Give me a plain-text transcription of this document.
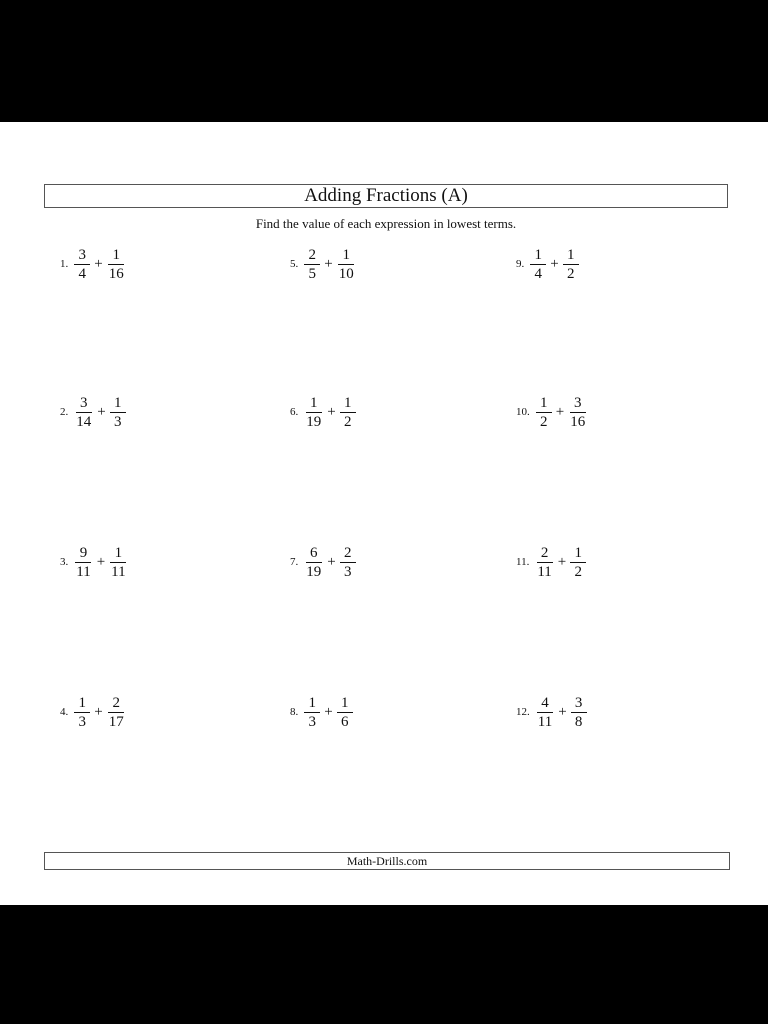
Adding Fractions (A)
Find the value of each expression in lowest terms.
1. $\frac{3}{4} + \frac{1}{16}$
2. $\frac{3}{14} + \frac{1}{3}$
3. $\frac{9}{11} + \frac{1}{11}$
4. $\frac{1}{3} + \frac{2}{17}$
5. $\frac{2}{5} + \frac{1}{10}$
6. $\frac{1}{19} + \frac{1}{2}$
7. $\frac{6}{19} + \frac{2}{3}$
8. $\frac{1}{3} + \frac{1}{6}$
9. $\frac{1}{4} + \frac{1}{2}$
10. $\frac{1}{2} + \frac{3}{16}$
11. $\frac{2}{11} + \frac{1}{2}$
12. $\frac{4}{11} + \frac{3}{8}$
Math-Drills.com
